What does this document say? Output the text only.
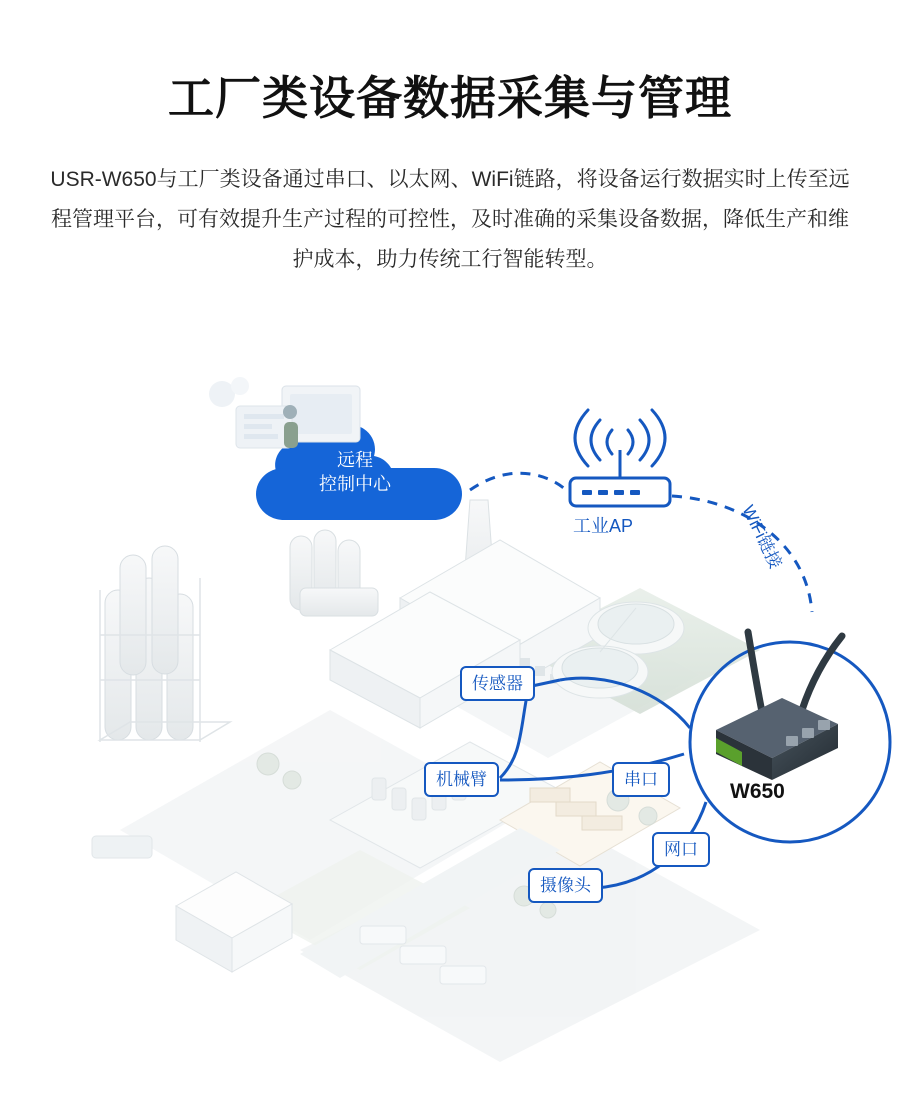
工厂类设备数据采集与管理
USR-W650与工厂类设备通过串口、以太网、WiFi链路，将设备运行数据实时上传至远程管理平台，可有效提升生产过程的可控性，及时准确的采集设备数据，降低生产和维护成本，助力传统工行智能转型。
远程
控制中心
工业AP	WiFi链接
W650
传感器
机械臂	串口
网口
摄像头
